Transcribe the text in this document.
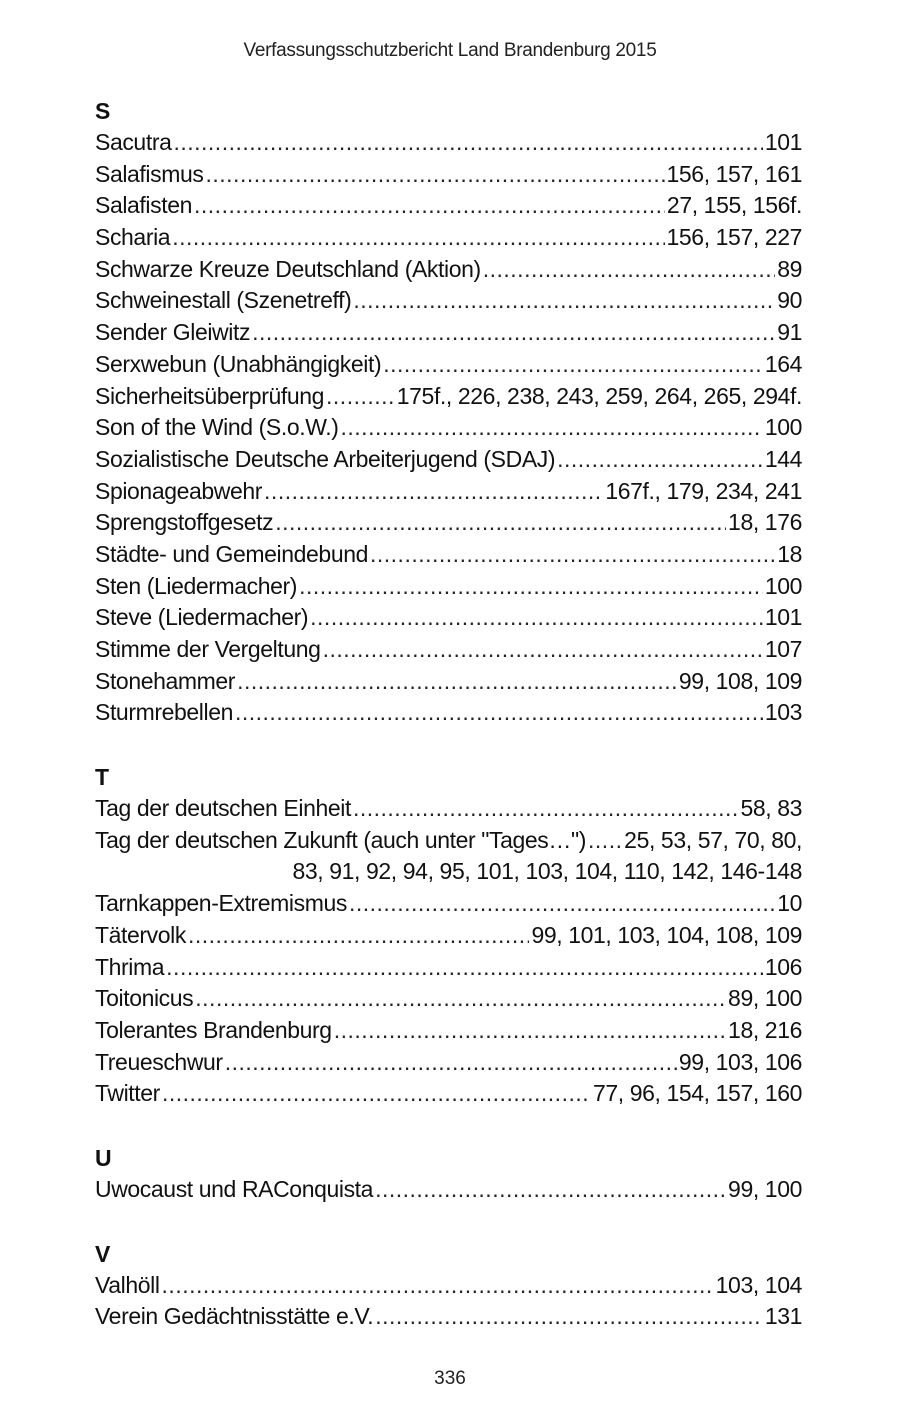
Verfassungsschutzbericht Land Brandenburg 2015
S
Sacutra .....	101
Salafismus .....	156, 157, 161
Salafisten .....	27, 155, 156f.
Scharia .....	156, 157, 227
Schwarze Kreuze Deutschland (Aktion) .....	89
Schweinestall (Szenetreff) .....	90
Sender Gleiwitz .....	91
Serxwebun (Unabhängigkeit) .....	164
Sicherheitsüberprüfung .....	175f., 226, 238, 243, 259, 264, 265, 294f.
Son of the Wind (S.o.W.) .....	100
Sozialistische Deutsche Arbeiterjugend (SDAJ) .....	144
Spionageabwehr .....	167f., 179, 234, 241
Sprengstoffgesetz .....	18, 176
Städte- und Gemeindebund .....	18
Sten (Liedermacher) .....	100
Steve (Liedermacher) .....	101
Stimme der Vergeltung .....	107
Stonehammer .....	99, 108, 109
Sturmrebellen .....	103
T
Tag der deutschen Einheit .....	58, 83
Tag der deutschen Zukunft (auch unter "Tages…") ..... 25, 53, 57, 70, 80,
83, 91, 92, 94, 95, 101, 103, 104, 110, 142, 146-148
Tarnkappen-Extremismus .....	10
Tätervolk .....	99, 101, 103, 104, 108, 109
Thrima .....	106
Toitonicus .....	89, 100
Tolerantes Brandenburg .....	18, 216
Treueschwur .....	99, 103, 106
Twitter .....	77, 96, 154, 157, 160
U
Uwocaust und RAConquista .....	99, 100
V
Valhöll .....	103, 104
Verein Gedächtnisstätte e.V. .....	131
336
